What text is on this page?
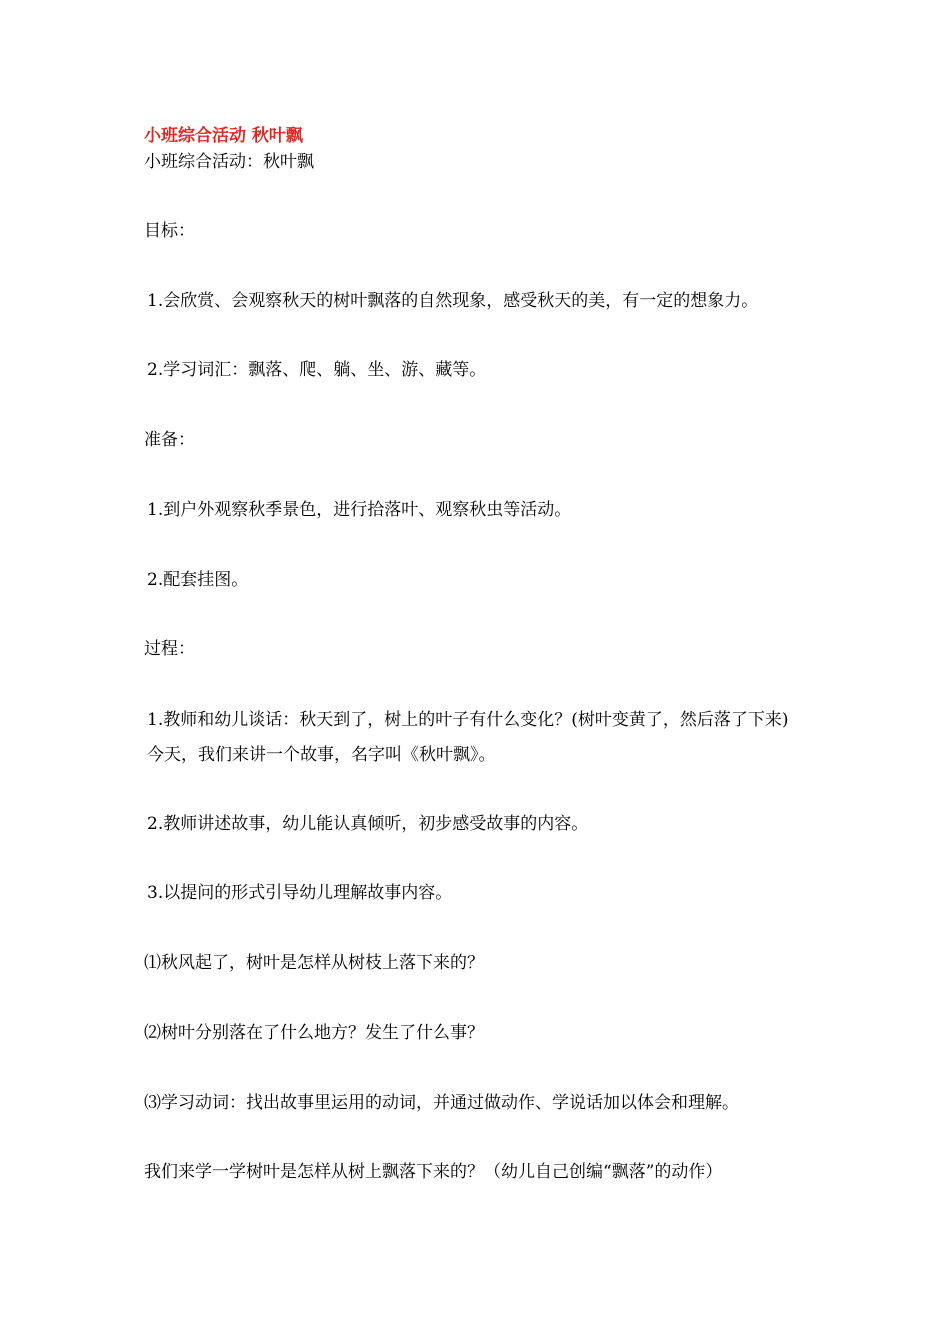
小班综合活动 秋叶飘
小班综合活动：秋叶飘
目标：
1.会欣赏、会观察秋天的树叶飘落的自然现象，感受秋天的美，有一定的想象力。
2.学习词汇：飘落、爬、躺、坐、游、藏等。
准备：
1.到户外观察秋季景色，进行拾落叶、观察秋虫等活动。
2.配套挂图。
过程：
1.教师和幼儿谈话：秋天到了，树上的叶子有什么变化？(树叶变黄了，然后落了下来) 今天，我们来讲一个故事，名字叫《秋叶飘》。
2.教师讲述故事，幼儿能认真倾听，初步感受故事的内容。
3.以提问的形式引导幼儿理解故事内容。
⑴秋风起了，树叶是怎样从树枝上落下来的？
⑵树叶分别落在了什么地方？发生了什么事？
⑶学习动词：找出故事里运用的动词，并通过做动作、学说话加以体会和理解。
我们来学一学树叶是怎样从树上飘落下来的？（幼儿自己创编“飘落”的动作）
